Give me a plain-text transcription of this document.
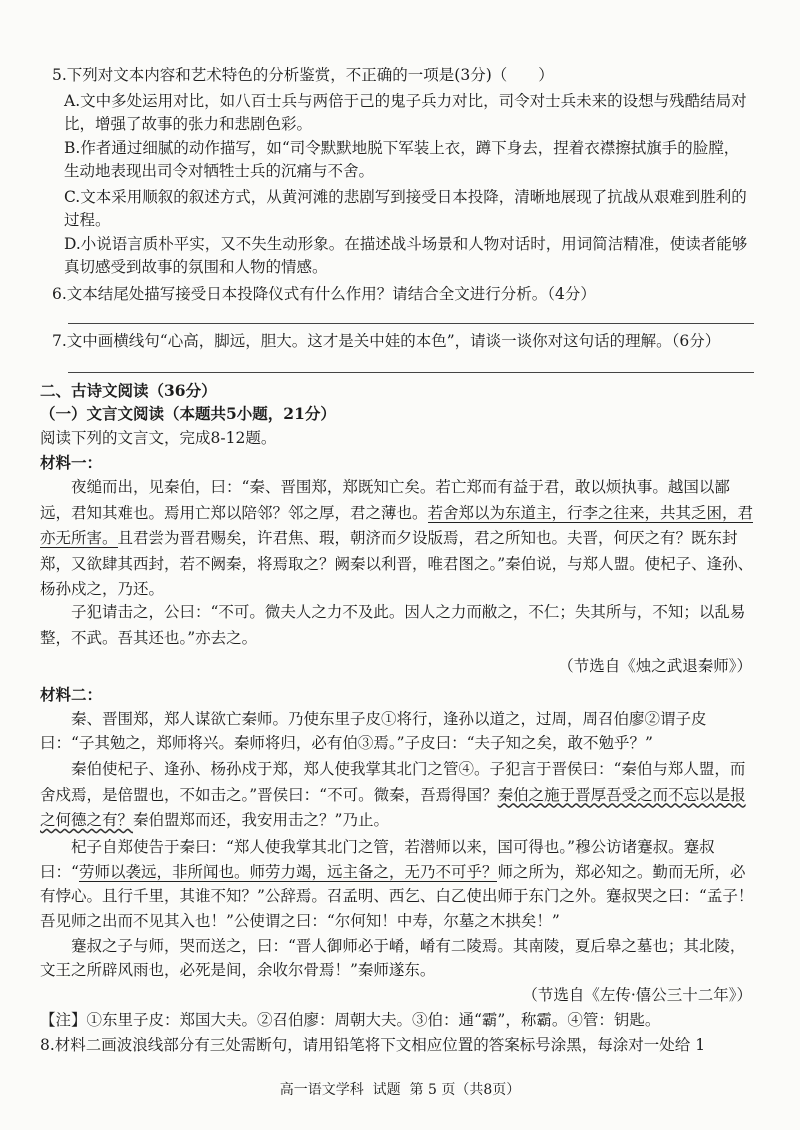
5.下列对文本内容和艺术特色的分析鉴赏，不正确的一项是(3分)（　　）

A.文中多处运用对比，如八百士兵与两倍于己的鬼子兵力对比，司令对士兵未来的设想与残酷结局对比，增强了故事的张力和悲剧色彩。

B.作者通过细腻的动作描写，如“司令默默地脱下军装上衣，蹲下身去，捏着衣襟擦拭旗手的脸膛，生动地表现出司令对牺牲士兵的沉痛与不舍。

C.文本采用顺叙的叙述方式，从黄河滩的悲剧写到接受日本投降，清晰地展现了抗战从艰难到胜利的过程。

D.小说语言质朴平实，又不失生动形象。在描述战斗场景和人物对话时，用词简洁精准，使读者能够真切感受到故事的氛围和人物的情感。

6.文本结尾处描写接受日本投降仪式有什么作用？请结合全文进行分析。（4分）

7.文中画横线句“心高，脚远，胆大。这才是关中娃的本色”，请谈一谈你对这句话的理解。（6分）

二、古诗文阅读（36分）

（一）文言文阅读（本题共5小题，21分）

阅读下列的文言文，完成8-12题。

材料一：

夜缒而出，见秦伯，曰：“秦、晋围郑，郑既知亡矣。若亡郑而有益于君，敢以烦执事。越国以鄙远，君知其难也。焉用亡郑以陪邻？邻之厚，君之薄也。若舍郑以为东道主，行李之往来，共其乏困，君亦无所害。且君尝为晋君赐矣，许君焦、瑕，朝济而夕设版焉，君之所知也。夫晋，何厌之有？既东封郑，又欲肆其西封，若不阙秦，将焉取之？阙秦以利晋，唯君图之。”秦伯说，与郑人盟。使杞子、逢孙、杨孙戍之，乃还。

子犯请击之，公曰：“不可。微夫人之力不及此。因人之力而敝之，不仁；失其所与，不知；以乱易整，不武。吾其还也。”亦去之。

（节选自《烛之武退秦师》）

材料二：

秦、晋围郑，郑人谋欲亡秦师。乃使东里子皮①将行，逢孙以道之，过周，周召伯廖②谓子皮曰：“子其勉之，郑师将兴。秦师将归，必有伯③焉。”子皮曰：“夫子知之矣，敢不勉乎？”

秦伯使杞子、逢孙、杨孙戍于郑，郑人使我掌其北门之管④。子犯言于晋侯曰：“秦伯与郑人盟，而舍戍焉，是倍盟也，不如击之。”晋侯曰：“不可。微秦，吾焉得国？秦伯之施于晋厚吾受之而不忘以是报之何德之有？秦伯盟郑而还，我安用击之？”乃止。

杞子自郑使告于秦曰：“郑人使我掌其北门之管，若潜师以来，国可得也。”穆公访诸蹇叔。蹇叔曰：“劳师以袭远，非所闻也。师劳力竭，远主备之，无乃不可乎？师之所为，郑必知之。勤而无所，必有悖心。且行千里，其谁不知？”公辞焉。召孟明、西乞、白乙使出师于东门之外。蹇叔哭之曰：“孟子！吾见师之出而不见其入也！”公使谓之曰：“尔何知！中寿，尔墓之木拱矣！”

蹇叔之子与师，哭而送之，曰：“晋人御师必于崤，崤有二陵焉。其南陵，夏后皋之墓也；其北陵，文王之所辟风雨也，必死是间，余收尔骨焉！”秦师遂东。

（节选自《左传·僖公三十二年》）

【注】①东里子皮：郑国大夫。②召伯廖：周朝大夫。③伯：通“霸”，称霸。④管：钥匙。

8.材料二画波浪线部分有三处需断句，请用铅笔将下文相应位置的答案标号涂黑，每涂对一处给 1

高一语文学科 试题 第 5 页（共8页）
